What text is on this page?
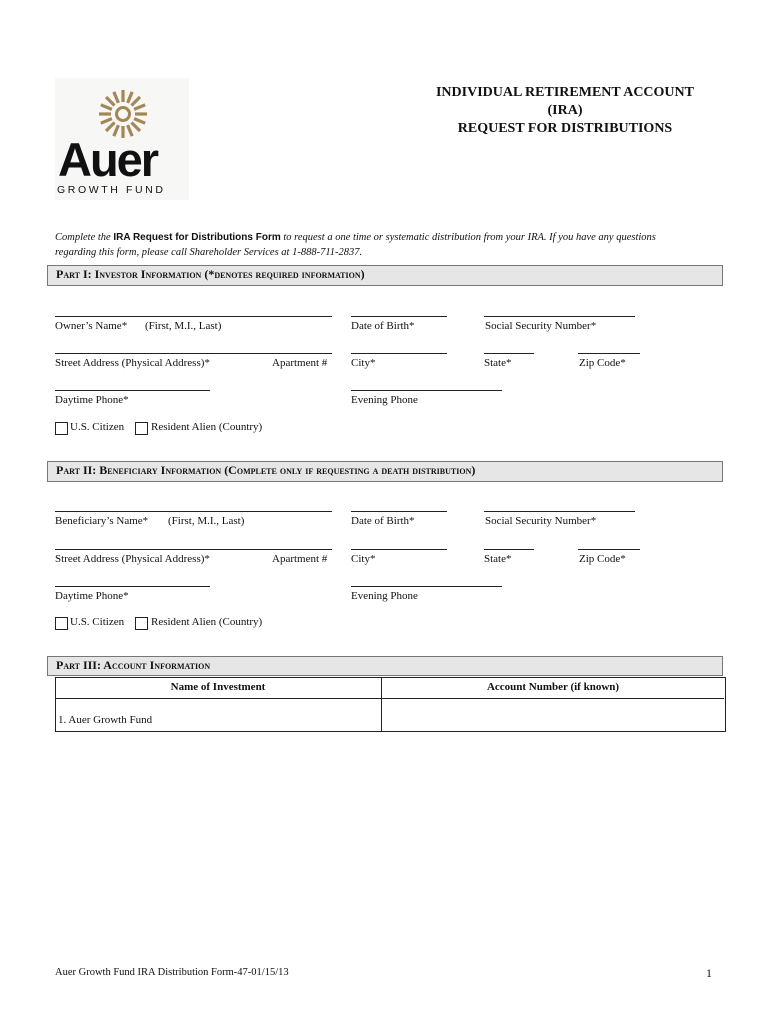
Auer
GROWTH FUND
INDIVIDUAL RETIREMENT ACCOUNT
(IRA)
REQUEST FOR DISTRIBUTIONS
Complete the IRA Request for Distributions Form to request a one time or systematic distribution from your IRA. If you have any questions
regarding this form, please call Shareholder Services at 1-888-711-2837.
Part I: Investor Information (*denotes required information)
Owner’s Name* (First, M.I., Last)	Date of Birth*	Social Security Number*
Street Address (Physical Address)*	Apartment # City*	State*	Zip Code*
Daytime Phone*	Evening Phone
U.S. Citizen Resident Alien (Country)
Part II: Beneficiary Information (Complete only if requesting a death distribution)
Beneficiary’s Name* (First, M.I., Last)	Date of Birth*	Social Security Number*
Street Address (Physical Address)*	Apartment # City*	State*	Zip Code*
Daytime Phone*	Evening Phone
U.S. Citizen Resident Alien (Country)
Part III: Account Information
Name of Investment	Account Number (if known)
1. Auer Growth Fund
Auer Growth Fund IRA Distribution Form-47-01/15/13	1
